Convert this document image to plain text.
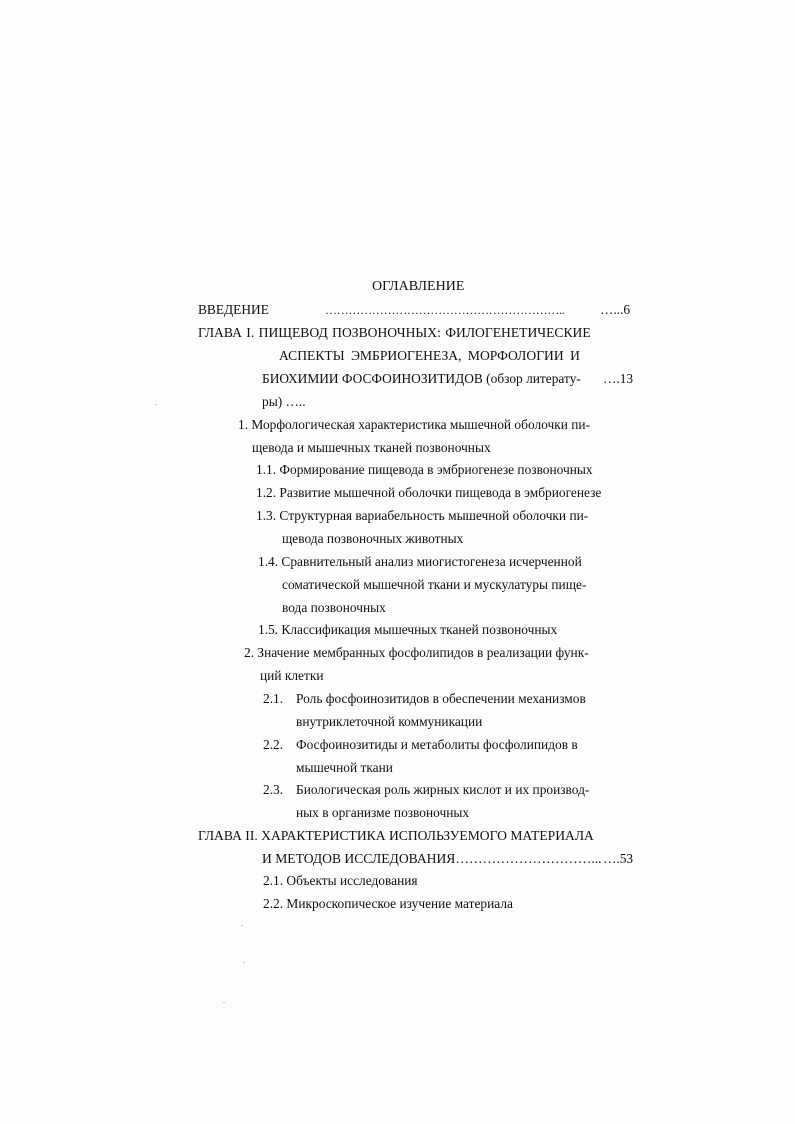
ОГЛАВЛЕНИЕ
ВВЕДЕНИЕ	……………………………………………………..	…...6
ГЛАВА I. ПИЩЕВОД ПОЗВОНОЧНЫХ: ФИЛОГЕНЕТИЧЕСКИЕ
АСПЕКТЫ ЭМБРИОГЕНЕЗА, МОРФОЛОГИИ И
БИОХИМИИ ФОСФОИНОЗИТИДОВ (обзор литерату- ….13
ры) …..
1. Морфологическая характеристика мышечной оболочки пи-
щевода и мышечных тканей позвоночных
1.1. Формирование пищевода в эмбриогенезе позвоночных
1.2. Развитие мышечной оболочки пищевода в эмбриогенезе
1.3. Структурная вариабельность мышечной оболочки пи-
щевода позвоночных животных
1.4. Сравнительный анализ миогистогенеза исчерченной
соматической мышечной ткани и мускулатуры пище-
вода позвоночных
1.5. Классификация мышечных тканей позвоночных
2. Значение мембранных фосфолипидов в реализации функ-
ций клетки
2.1. Роль фосфоинозитидов в обеспечении механизмов
внутриклеточной коммуникации
2.2. Фосфоинозитиды и метаболиты фосфолипидов в
мышечной ткани
2.3. Биологическая роль жирных кислот и их производ-
ных в организме позвоночных
ГЛАВА II. ХАРАКТЕРИСТИКА ИСПОЛЬЗУЕМОГО МАТЕРИАЛА
И МЕТОДОВ ИССЛЕДОВАНИЯ…………………………... ….53
2.1. Объекты исследования
2.2. Микроскопическое изучение материала
